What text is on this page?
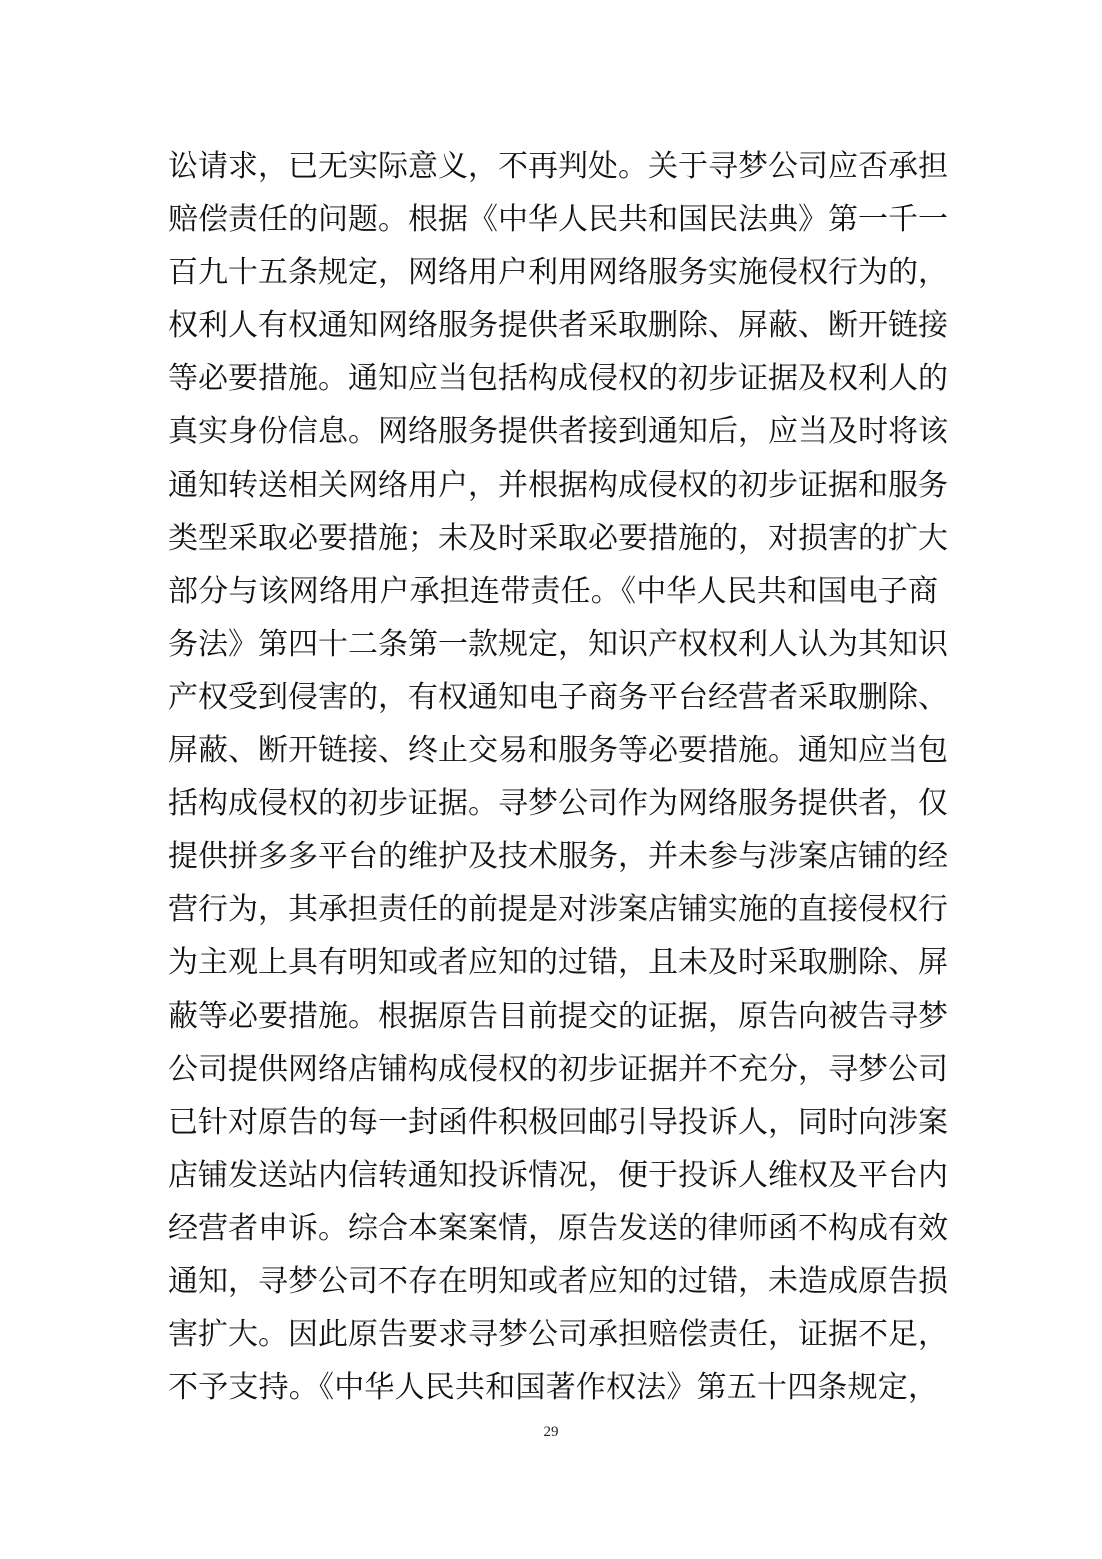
讼请求，已无实际意义，不再判处。关于寻梦公司应否承担
赔偿责任的问题。根据《中华人民共和国民法典》第一千一
百九十五条规定，网络用户利用网络服务实施侵权行为的，
权利人有权通知网络服务提供者采取删除、屏蔽、断开链接
等必要措施。通知应当包括构成侵权的初步证据及权利人的
真实身份信息。网络服务提供者接到通知后，应当及时将该
通知转送相关网络用户，并根据构成侵权的初步证据和服务
类型采取必要措施；未及时采取必要措施的，对损害的扩大
部分与该网络用户承担连带责任。《中华人民共和国电子商
务法》第四十二条第一款规定，知识产权权利人认为其知识
产权受到侵害的，有权通知电子商务平台经营者采取删除、
屏蔽、断开链接、终止交易和服务等必要措施。通知应当包
括构成侵权的初步证据。寻梦公司作为网络服务提供者，仅
提供拼多多平台的维护及技术服务，并未参与涉案店铺的经
营行为，其承担责任的前提是对涉案店铺实施的直接侵权行
为主观上具有明知或者应知的过错，且未及时采取删除、屏
蔽等必要措施。根据原告目前提交的证据，原告向被告寻梦
公司提供网络店铺构成侵权的初步证据并不充分，寻梦公司
已针对原告的每一封函件积极回邮引导投诉人，同时向涉案
店铺发送站内信转通知投诉情况，便于投诉人维权及平台内
经营者申诉。综合本案案情，原告发送的律师函不构成有效
通知，寻梦公司不存在明知或者应知的过错，未造成原告损
害扩大。因此原告要求寻梦公司承担赔偿责任，证据不足，
不予支持。《中华人民共和国著作权法》第五十四条规定，
29
